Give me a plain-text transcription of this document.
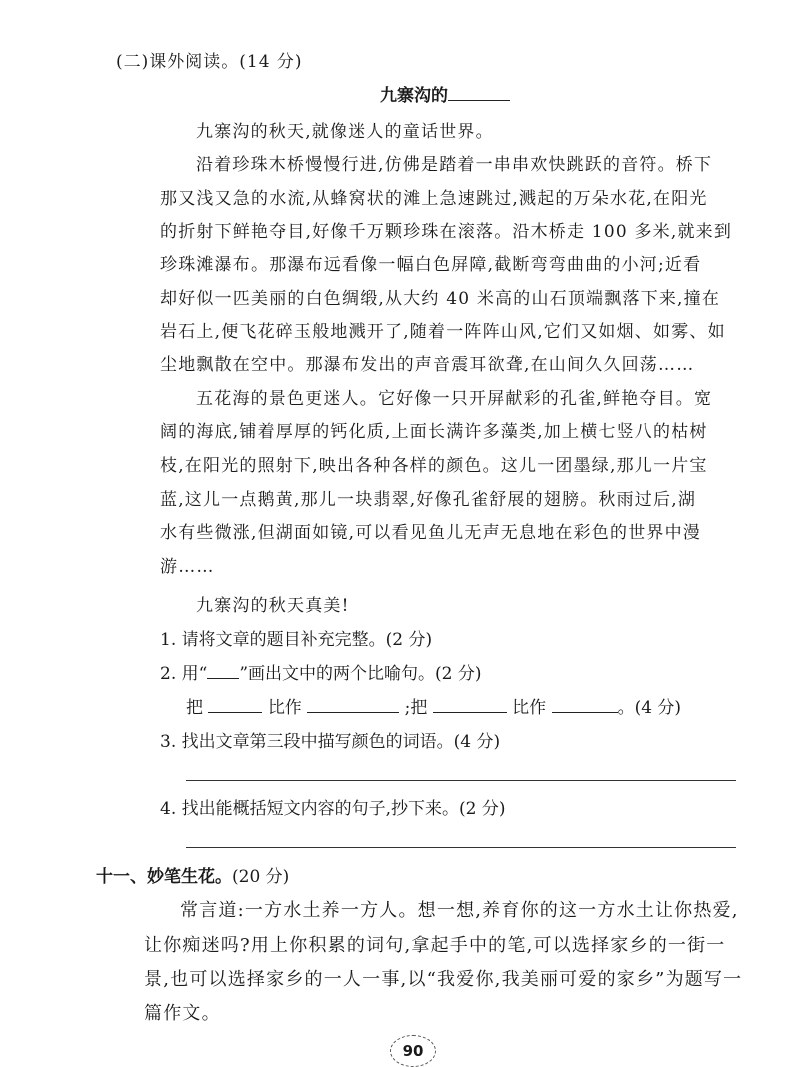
(二)课外阅读。(14 分)
九寨沟的
九寨沟的秋天,就像迷人的童话世界。
沿着珍珠木桥慢慢行进,仿佛是踏着一串串欢快跳跃的音符。桥下
那又浅又急的水流,从蜂窝状的滩上急速跳过,溅起的万朵水花,在阳光
的折射下鲜艳夺目,好像千万颗珍珠在滚落。沿木桥走 100 多米,就来到
珍珠滩瀑布。那瀑布远看像一幅白色屏障,截断弯弯曲曲的小河;近看
却好似一匹美丽的白色绸缎,从大约 40 米高的山石顶端飘落下来,撞在
岩石上,便飞花碎玉般地溅开了,随着一阵阵山风,它们又如烟、如雾、如
尘地飘散在空中。那瀑布发出的声音震耳欲聋,在山间久久回荡……
五花海的景色更迷人。它好像一只开屏献彩的孔雀,鲜艳夺目。宽
阔的海底,铺着厚厚的钙化质,上面长满许多藻类,加上横七竖八的枯树
枝,在阳光的照射下,映出各种各样的颜色。这儿一团墨绿,那儿一片宝
蓝,这儿一点鹅黄,那儿一块翡翠,好像孔雀舒展的翅膀。秋雨过后,湖
水有些微涨,但湖面如镜,可以看见鱼儿无声无息地在彩色的世界中漫
游……
九寨沟的秋天真美!
1. 请将文章的题目补充完整。(2 分)
2. 用“ ”画出文中的两个比喻句。(2 分)
把	比作	;把	比作	。(4 分)
3. 找出文章第三段中描写颜色的词语。(4 分)
4. 找出能概括短文内容的句子,抄下来。(2 分)
十一、妙笔生花。(20 分)
常言道:一方水土养一方人。想一想,养育你的这一方水土让你热爱,
让你痴迷吗?用上你积累的词句,拿起手中的笔,可以选择家乡的一街一
景,也可以选择家乡的一人一事,以“我爱你,我美丽可爱的家乡”为题写一
篇作文。
90
